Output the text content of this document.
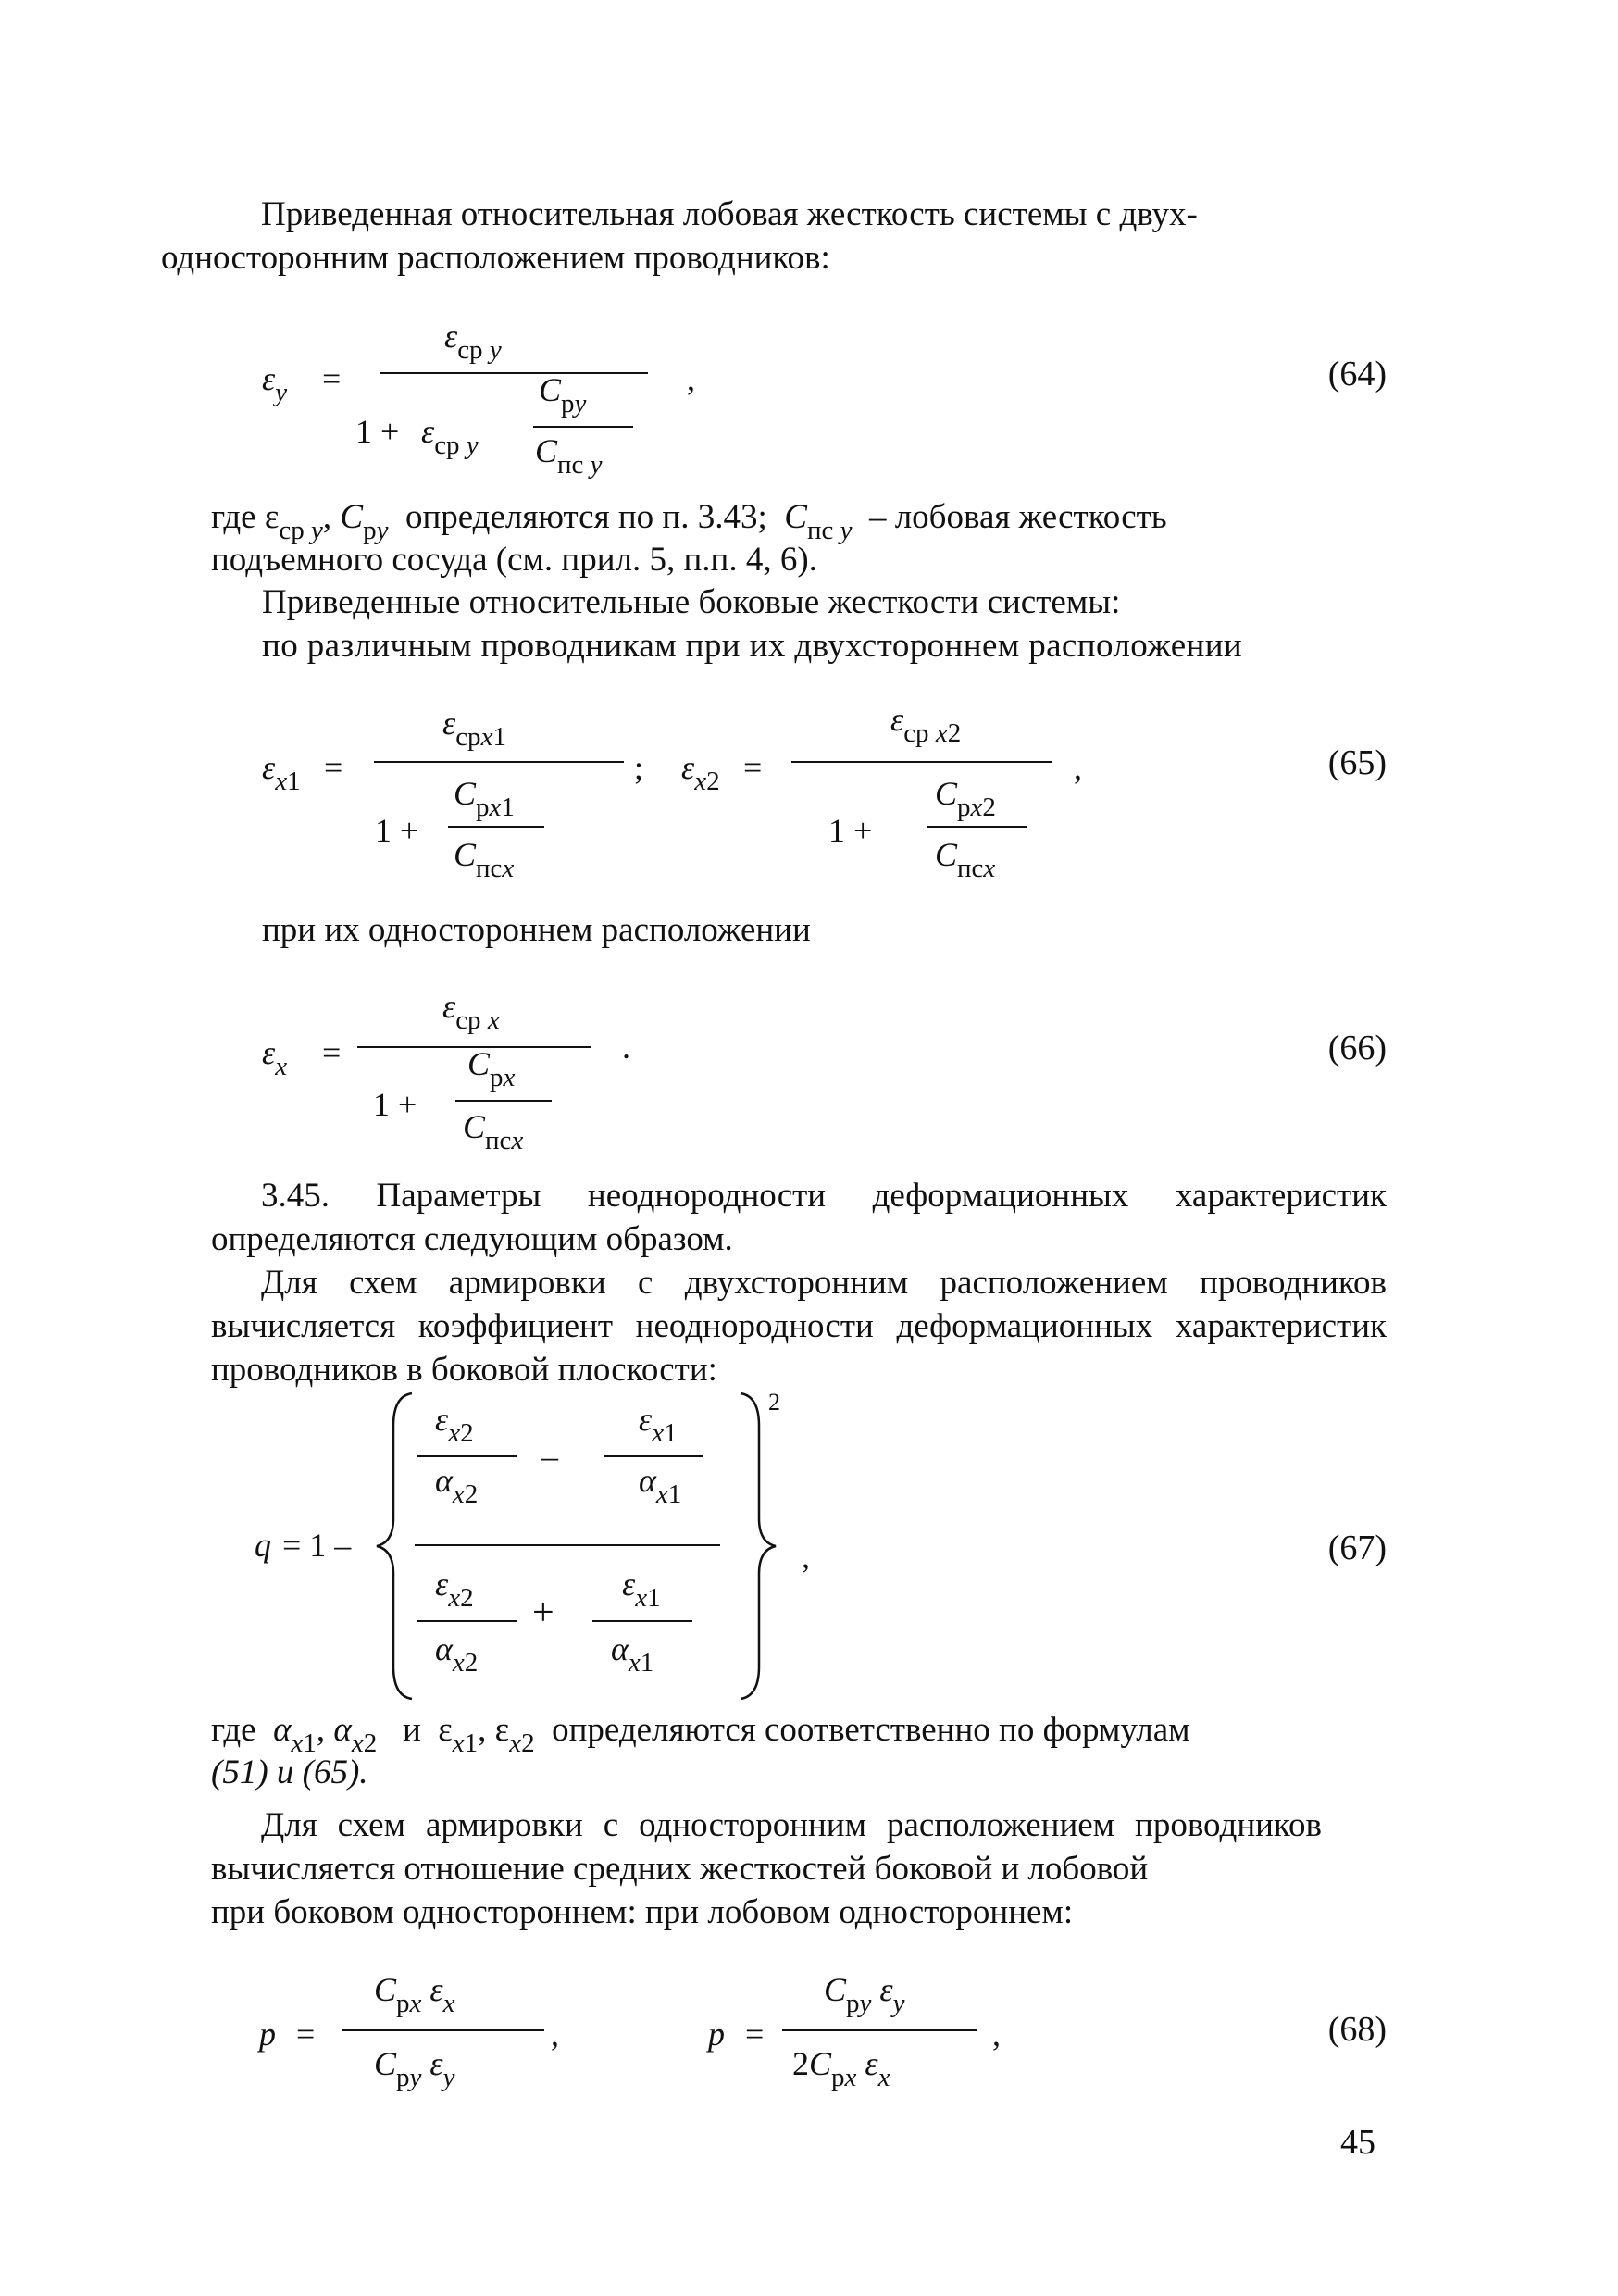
Приведенная относительная лобовая жесткость системы с двух-
односторонним расположением проводников:
$\varepsilon_y$ =
$\varepsilon_{cp}$ $_y$
,
$1 + \varepsilon_{cp}$ $_y$
$C_{py}$
$C_{пс}$ $_y$
(64)
где $\varepsilon_{cp}$ $_y$, $C_{py}$  определяются по п. 3.43;  $C_{пс}$ $_y$  – лобовая жесткость
подъемного сосуда (см. прил. 5, п.п. 4, 6).
Приведенные относительные боковые жесткости системы:
по различным проводникам при их двухстороннем расположении
$\varepsilon_{x1}$ =
$\varepsilon_{cpx1}$
;
1 +
$C_{px1}$
$C_{псx}$
$\varepsilon_{x2}$ =
$\varepsilon_{cp}$ $_{x2}$
,
1 +
$C_{px2}$
$C_{псx}$
(65)
при их одностороннем расположении
$\varepsilon_x$ =
$\varepsilon_{cp}$ $_x$
.
1 +
$C_{px}$
$C_{псx}$
(66)
3.45. Параметры неоднородности деформационных характеристик определяются следующим образом.
Для схем армировки с двухсторонним расположением проводников вычисляется коэффициент неоднородности деформационных характеристик проводников в боковой плоскости:
q = 1 –
2
$\varepsilon_{x2}$
$\alpha_{x2}$
–
$\varepsilon_{x1}$
$\alpha_{x1}$
$\varepsilon_{x2}$
$\alpha_{x2}$
+
$\varepsilon_{x1}$
$\alpha_{x1}$
,	(67)
где  $\alpha_{x1}$, $\alpha_{x2}$   и  $\varepsilon_{x1}$, $\varepsilon_{x2}$  определяются соответственно по формулам
(51) и (65).
Для схем армировки с односторонним расположением проводников вычисляется отношение средних жесткостей боковой и лобовой
при боковом одностороннем: при лобовом одностороннем:
p =
$C_{px}$ $\varepsilon_x$
$C_{py}$ $\varepsilon_y$
,	p =
$C_{py}$ $\varepsilon_y$
$2C_{px}$ $\varepsilon_x$
,	(68)
45
